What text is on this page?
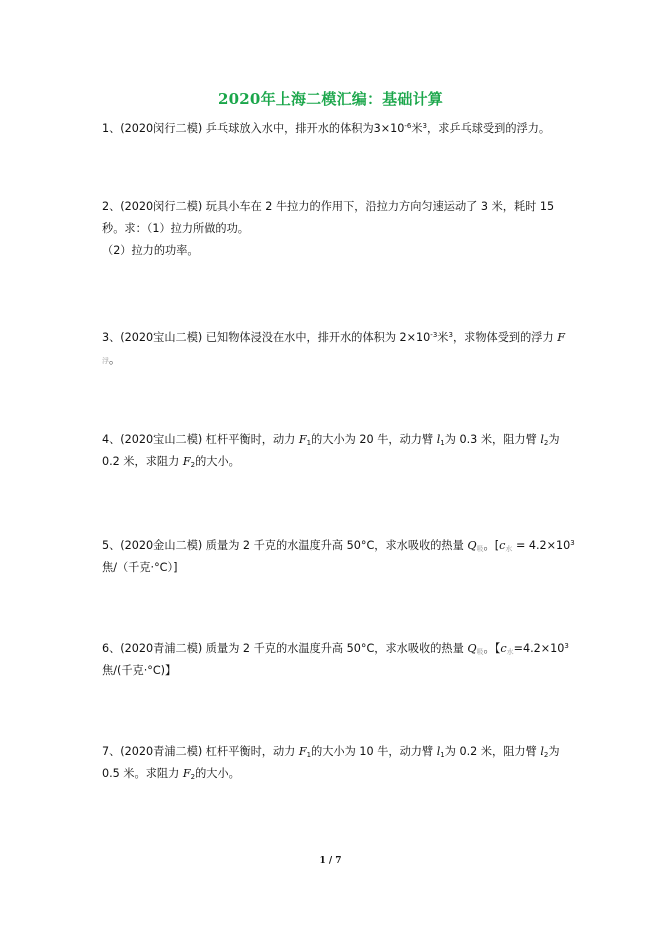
2020年上海二模汇编：基础计算

1、(2020闵行二模) 乒乓球放入水中，排开水的体积为$3\times 10^{-6}$米$^3$，求乒乓球受到的浮力。

2、(2020闵行二模) 玩具小车在 2 牛拉力的作用下，沿拉力方向匀速运动了 3 米，耗时 15

秒。求：（1）拉力所做的功。

（2）拉力的功率。

3、(2020宝山二模) 已知物体浸没在水中，排开水的体积为 $2\times 10^{-3}$米$^3$，求物体受到的浮力 F

浮。

4、(2020宝山二模) 杠杆平衡时，动力 $F_1$的大小为 20 牛，动力臂 $l_1$为 0.3 米，阻力臂 $l_2$为

0.2 米，求阻力 $F_2$的大小。

5、(2020金山二模) 质量为 2 千克的水温度升高 50°C，求水吸收的热量 $Q_吸$。[$c_水 = 4.2\times 10^3$

焦/（千克·°C）]

6、(2020青浦二模) 质量为 2 千克的水温度升高 50°C，求水吸收的热量 $Q_吸$。【$c_水=4.2\times 10^3$

焦/(千克·°C)】

7、(2020青浦二模) 杠杆平衡时，动力 $F_1$的大小为 10 牛，动力臂 $l_1$为 0.2 米，阻力臂 $l_2$为

0.5 米。求阻力 $F_2$的大小。

1 / 7
